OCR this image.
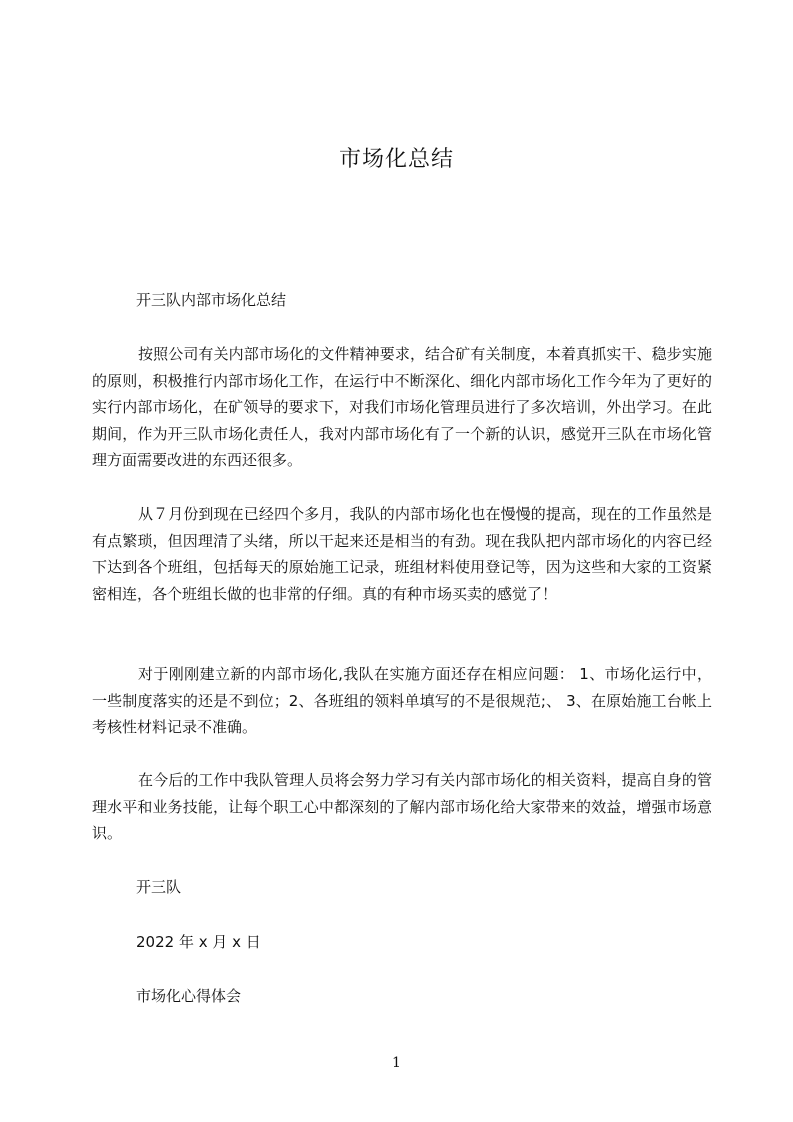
市场化总结

开三队内部市场化总结

按照公司有关内部市场化的文件精神要求，结合矿有关制度，本着真抓实干、稳步实施的原则，积极推行内部市场化工作，在运行中不断深化、细化内部市场化工作今年为了更好的实行内部市场化，在矿领导的要求下，对我们市场化管理员进行了多次培训，外出学习。在此期间，作为开三队市场化责任人，我对内部市场化有了一个新的认识，感觉开三队在市场化管理方面需要改进的东西还很多。

从７月份到现在已经四个多月，我队的内部市场化也在慢慢的提高，现在的工作虽然是有点繁琐，但因理清了头绪，所以干起来还是相当的有劲。现在我队把内部市场化的内容已经下达到各个班组，包括每天的原始施工记录，班组材料使用登记等，因为这些和大家的工资紧密相连，各个班组长做的也非常的仔细。真的有种市场买卖的感觉了！

对于刚刚建立新的内部市场化,我队在实施方面还存在相应问题： 1、市场化运行中，一些制度落实的还是不到位；2、各班组的领料单填写的不是很规范;、 3、在原始施工台帐上考核性材料记录不准确。

在今后的工作中我队管理人员将会努力学习有关内部市场化的相关资料，提高自身的管理水平和业务技能，让每个职工心中都深刻的了解内部市场化给大家带来的效益，增强市场意识。

开三队

2022 年 x 月 x 日

市场化心得体会

1
